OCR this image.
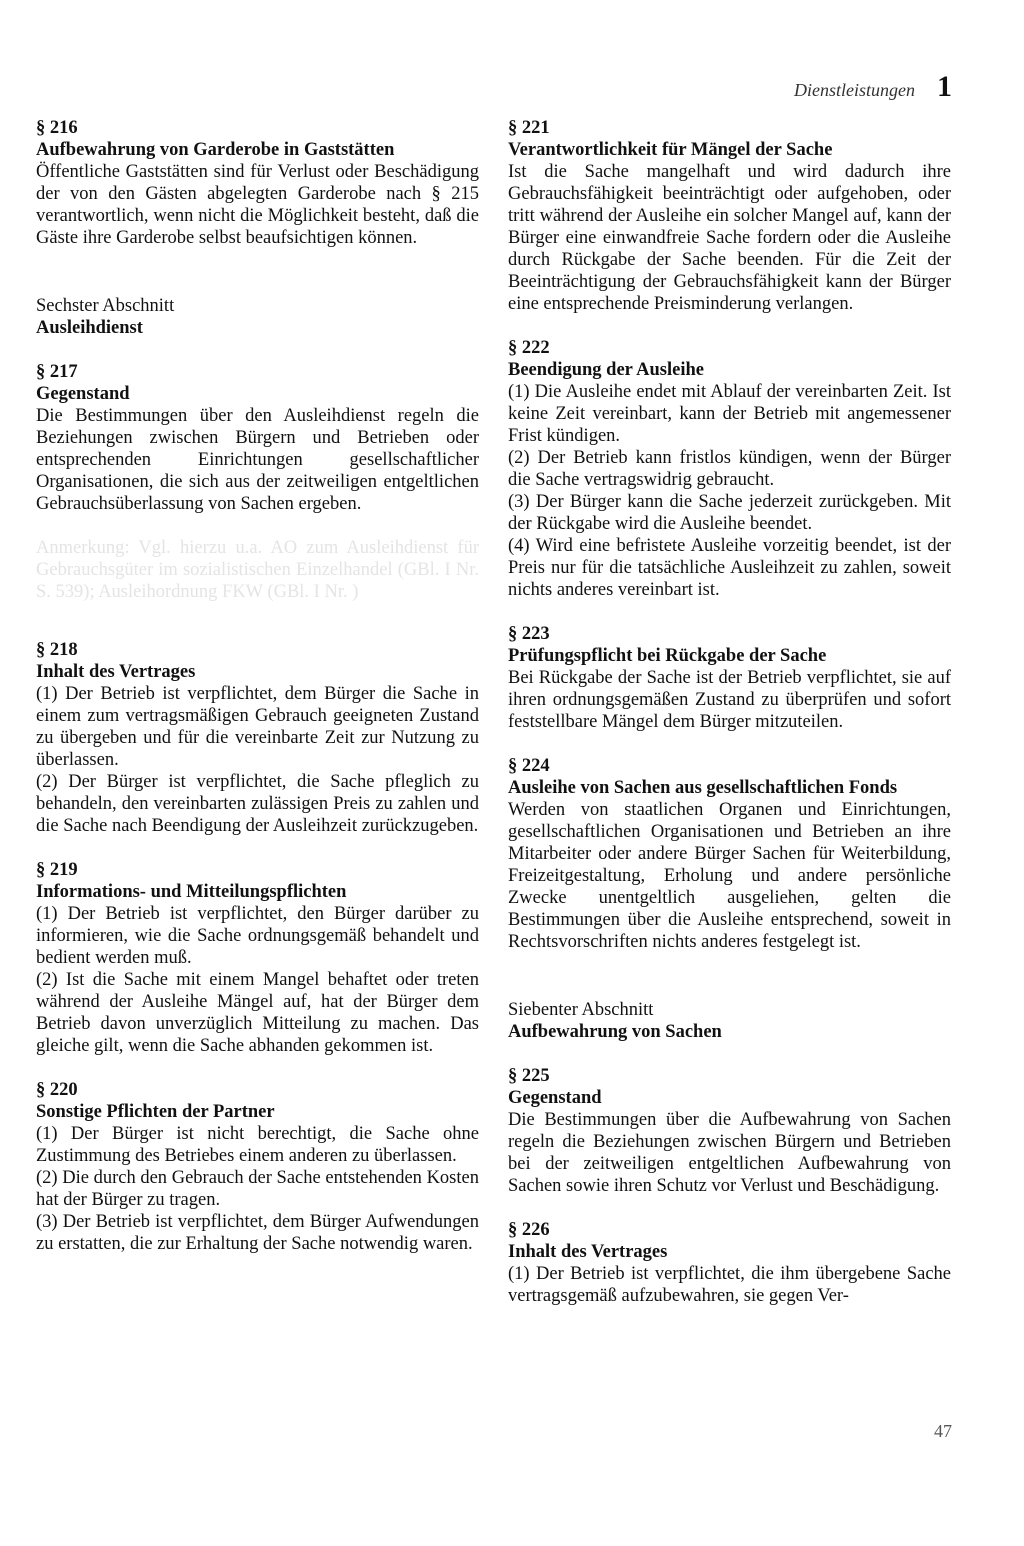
Dienstleistungen 1
§ 216
Aufbewahrung von Garderobe in Gaststätten

Öffentliche Gaststätten sind für Verlust oder Beschädigung der von den Gästen abgelegten Garderobe nach § 215 verantwortlich, wenn nicht die Möglichkeit besteht, daß die Gäste ihre Garderobe selbst beaufsichtigen können.

Sechster Abschnitt
Ausleihdienst
§ 217
Gegenstand

Die Bestimmungen über den Ausleihdienst regeln die Beziehungen zwischen Bürgern und Betrieben oder entsprechenden Einrichtungen gesellschaftlicher Organisationen, die sich aus der zeitweiligen entgeltlichen Gebrauchsüberlassung von Sachen ergeben.

Anmerkung: Vgl. hierzu u.a. AO zum Ausleihdienst für Gebrauchsgüter im sozialistischen Einzelhandel (GBl. I Nr. S. 539); Ausleihordnung FKW (GBl. I Nr. )

§ 218
Inhalt des Vertrages

(1) Der Betrieb ist verpflichtet, dem Bürger die Sache in einem zum vertragsmäßigen Gebrauch geeigneten Zustand zu übergeben und für die vereinbarte Zeit zur Nutzung zu überlassen.

(2) Der Bürger ist verpflichtet, die Sache pfleglich zu behandeln, den vereinbarten zulässigen Preis zu zahlen und die Sache nach Beendigung der Ausleihzeit zurückzugeben.

§ 219
Informations- und Mitteilungspflichten

(1) Der Betrieb ist verpflichtet, den Bürger darüber zu informieren, wie die Sache ordnungsgemäß behandelt und bedient werden muß.

(2) Ist die Sache mit einem Mangel behaftet oder treten während der Ausleihe Mängel auf, hat der Bürger dem Betrieb davon unverzüglich Mitteilung zu machen. Das gleiche gilt, wenn die Sache abhanden gekommen ist.

§ 220
Sonstige Pflichten der Partner

(1) Der Bürger ist nicht berechtigt, die Sache ohne Zustimmung des Betriebes einem anderen zu überlassen.

(2) Die durch den Gebrauch der Sache entstehenden Kosten hat der Bürger zu tragen.

(3) Der Betrieb ist verpflichtet, dem Bürger Aufwendungen zu erstatten, die zur Erhaltung der Sache notwendig waren.

§ 221
Verantwortlichkeit für Mängel der Sache

Ist die Sache mangelhaft und wird dadurch ihre Gebrauchsfähigkeit beeinträchtigt oder aufgehoben, oder tritt während der Ausleihe ein solcher Mangel auf, kann der Bürger eine einwandfreie Sache fordern oder die Ausleihe durch Rückgabe der Sache beenden. Für die Zeit der Beeinträchtigung der Gebrauchsfähigkeit kann der Bürger eine entsprechende Preisminderung verlangen.

§ 222
Beendigung der Ausleihe

(1) Die Ausleihe endet mit Ablauf der vereinbarten Zeit. Ist keine Zeit vereinbart, kann der Betrieb mit angemessener Frist kündigen.

(2) Der Betrieb kann fristlos kündigen, wenn der Bürger die Sache vertragswidrig gebraucht.

(3) Der Bürger kann die Sache jederzeit zurückgeben. Mit der Rückgabe wird die Ausleihe beendet.

(4) Wird eine befristete Ausleihe vorzeitig beendet, ist der Preis nur für die tatsächliche Ausleihzeit zu zahlen, soweit nichts anderes vereinbart ist.

§ 223
Prüfungspflicht bei Rückgabe der Sache

Bei Rückgabe der Sache ist der Betrieb verpflichtet, sie auf ihren ordnungsgemäßen Zustand zu überprüfen und sofort feststellbare Mängel dem Bürger mitzuteilen.

§ 224
Ausleihe von Sachen aus gesellschaftlichen Fonds

Werden von staatlichen Organen und Einrichtungen, gesellschaftlichen Organisationen und Betrieben an ihre Mitarbeiter oder andere Bürger Sachen für Weiterbildung, Freizeitgestaltung, Erholung und andere persönliche Zwecke unentgeltlich ausgeliehen, gelten die Bestimmungen über die Ausleihe entsprechend, soweit in Rechtsvorschriften nichts anderes festgelegt ist.

Siebenter Abschnitt
Aufbewahrung von Sachen
§ 225
Gegenstand

Die Bestimmungen über die Aufbewahrung von Sachen regeln die Beziehungen zwischen Bürgern und Betrieben bei der zeitweiligen entgeltlichen Aufbewahrung von Sachen sowie ihren Schutz vor Verlust und Beschädigung.

§ 226
Inhalt des Vertrages

(1) Der Betrieb ist verpflichtet, die ihm übergebene Sache vertragsgemäß aufzubewahren, sie gegen Ver-

47
